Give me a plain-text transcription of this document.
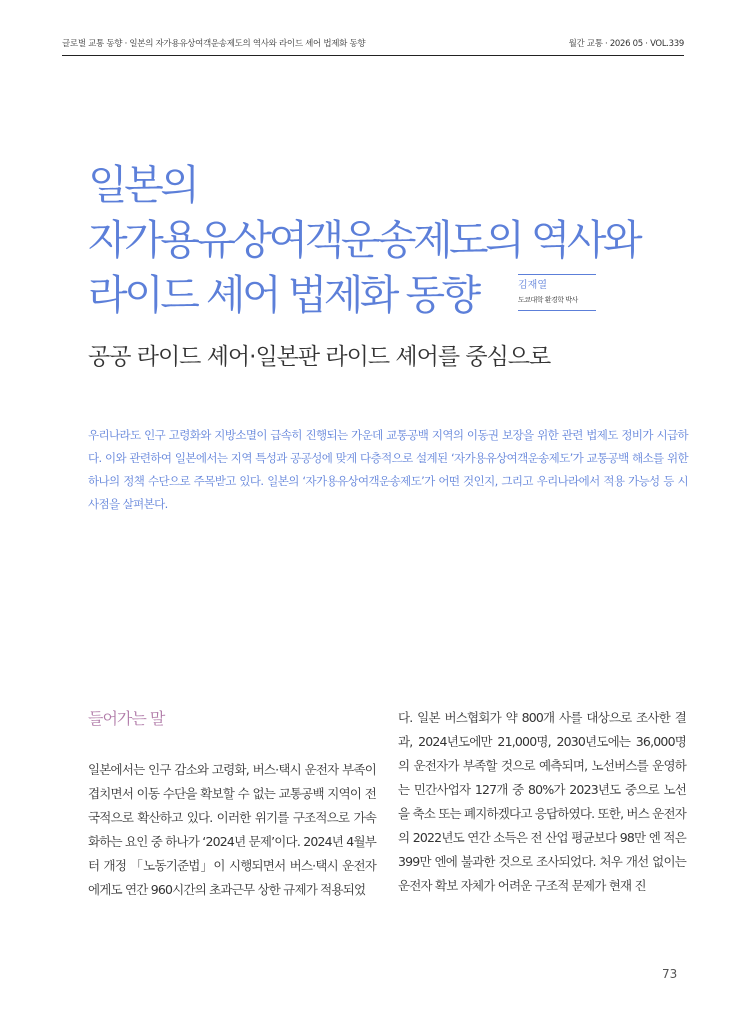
글로벌 교통 동향 · 일본의 자가용유상여객운송제도의 역사와 라이드 셰어 법제화 동향	월간 교통 · 2026 05 · VOL.339
일본의
자가용유상여객운송제도의 역사와
라이드 셰어 법제화 동향	김재열
도쿄대학 환경학 박사
공공 라이드 셰어·일본판 라이드 셰어를 중심으로

우리나라도 인구 고령화와 지방소멸이 급속히 진행되는 가운데 교통공백 지역의 이동권 보장을 위한 관련 법제도 정비가 시급하다. 이와 관련하여 일본에서는 지역 특성과 공공성에 맞게 다층적으로 설계된 ‘자가용유상여객운송제도’가 교통공백 해소를 위한 하나의 정책 수단으로 주목받고 있다. 일본의 ‘자가용유상여객운송제도’가 어떤 것인지, 그리고 우리나라에서 적용 가능성 등 시사점을 살펴본다.

들어가는 말

일본에서는 인구 감소와 고령화, 버스·택시 운전자 부족이 겹치면서 이동 수단을 확보할 수 없는 교통공백 지역이 전국적으로 확산하고 있다. 이러한 위기를 구조적으로 가속화하는 요인 중 하나가 ‘2024년 문제’이다. 2024년 4월부터 개정 「노동기준법」이 시행되면서 버스·택시 운전자에게도 연간 960시간의 초과근무 상한 규제가 적용되었

다. 일본 버스협회가 약 800개 사를 대상으로 조사한 결과, 2024년도에만 21,000명, 2030년도에는 36,000명의 운전자가 부족할 것으로 예측되며, 노선버스를 운영하는 민간사업자 127개 중 80%가 2023년도 중으로 노선을 축소 또는 폐지하겠다고 응답하였다. 또한, 버스 운전자의 2022년도 연간 소득은 전 산업 평균보다 98만 엔 적은 399만 엔에 불과한 것으로 조사되었다. 처우 개선 없이는 운전자 확보 자체가 어려운 구조적 문제가 현재 진

73
